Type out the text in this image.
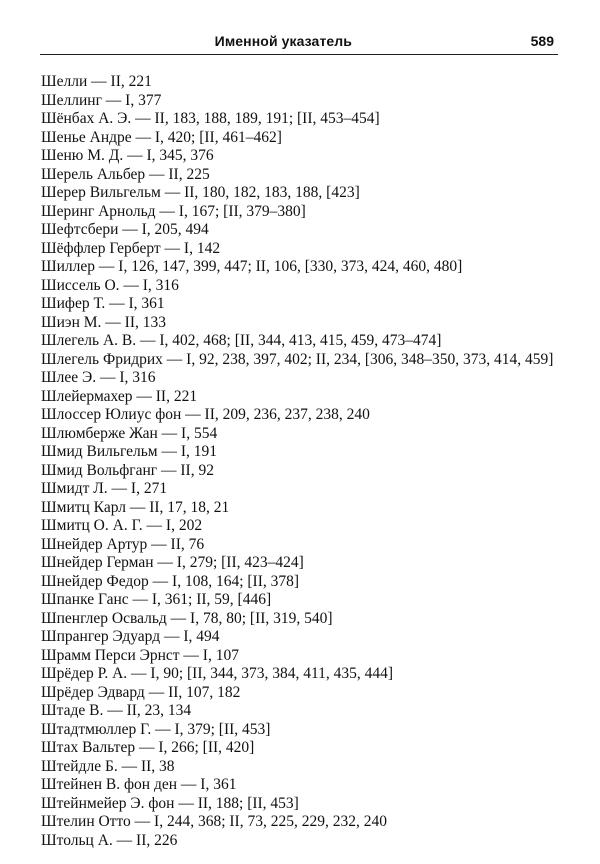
Именной указатель	589
Шелли — II, 221
Шеллинг — I, 377
Шёнбах А. Э. — II, 183, 188, 189, 191; [II, 453–454]
Шенье Андре — I, 420; [II, 461–462]
Шеню М. Д. — I, 345, 376
Шерель Альбер — II, 225
Шерер Вильгельм — II, 180, 182, 183, 188, [423]
Шеринг Арнольд — I, 167; [II, 379–380]
Шефтсбери — I, 205, 494
Шёффлер Герберт — I, 142
Шиллер — I, 126, 147, 399, 447; II, 106, [330, 373, 424, 460, 480]
Шиссель О. — I, 316
Шифер Т. — I, 361
Шиэн М. — II, 133
Шлегель А. В. — I, 402, 468; [II, 344, 413, 415, 459, 473–474]
Шлегель Фридрих — I, 92, 238, 397, 402; II, 234, [306, 348–350, 373, 414, 459]
Шлее Э. — I, 316
Шлейермахер — II, 221
Шлоссер Юлиус фон — II, 209, 236, 237, 238, 240
Шлюмберже Жан — I, 554
Шмид Вильгельм — I, 191
Шмид Вольфганг — II, 92
Шмидт Л. — I, 271
Шмитц Карл — II, 17, 18, 21
Шмитц О. А. Г. — I, 202
Шнейдер Артур — II, 76
Шнейдер Герман — I, 279; [II, 423–424]
Шнейдер Федор — I, 108, 164; [II, 378]
Шпанке Ганс — I, 361; II, 59, [446]
Шпенглер Освальд — I, 78, 80; [II, 319, 540]
Шпрангер Эдуард — I, 494
Шрамм Перси Эрнст — I, 107
Шрёдер Р. А. — I, 90; [II, 344, 373, 384, 411, 435, 444]
Шрёдер Эдвард — II, 107, 182
Штаде В. — II, 23, 134
Штадтмюллер Г. — I, 379; [II, 453]
Штах Вальтер — I, 266; [II, 420]
Штейдле Б. — II, 38
Штейнен В. фон ден — I, 361
Штейнмейер Э. фон — II, 188; [II, 453]
Штелин Отто — I, 244, 368; II, 73, 225, 229, 232, 240
Штольц А. — II, 226
